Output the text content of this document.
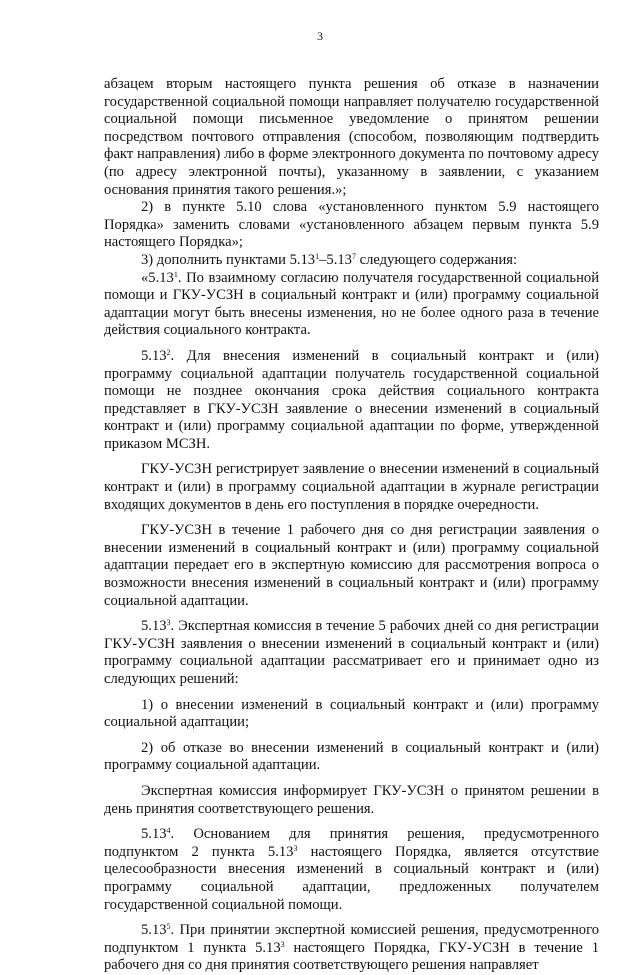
3

абзацем вторым настоящего пункта решения об отказе в назначении государственной социальной помощи направляет получателю государственной социальной помощи письменное уведомление о принятом решении посредством почтового отправления (способом, позволяющим подтвердить факт направления) либо в форме электронного документа по почтовому адресу (по адресу электронной почты), указанному в заявлении, с указанием основания принятия такого решения.»;

2) в пункте 5.10 слова «установленного пунктом 5.9 настоящего Порядка» заменить словами «установленного абзацем первым пункта 5.9 настоящего Порядка»;

3) дополнить пунктами 5.13$^1$–5.13$^7$ следующего содержания:

«5.13$^1$. По взаимному согласию получателя государственной социальной помощи и ГКУ-УСЗН в социальный контракт и (или) программу социальной адаптации могут быть внесены изменения, но не более одного раза в течение действия социального контракта.

5.13$^2$. Для внесения изменений в социальный контракт и (или) программу социальной адаптации получатель государственной социальной помощи не позднее окончания срока действия социального контракта представляет в ГКУ-УСЗН заявление о внесении изменений в социальный контракт и (или) программу социальной адаптации по форме, утвержденной приказом МСЗН.

ГКУ-УСЗН регистрирует заявление о внесении изменений в социальный контракт и (или) в программу социальной адаптации в журнале регистрации входящих документов в день его поступления в порядке очередности.

ГКУ-УСЗН в течение 1 рабочего дня со дня регистрации заявления о внесении изменений в социальный контракт и (или) программу социальной адаптации передает его в экспертную комиссию для рассмотрения вопроса о возможности внесения изменений в социальный контракт и (или) программу социальной адаптации.

5.13$^3$. Экспертная комиссия в течение 5 рабочих дней со дня регистрации ГКУ-УСЗН заявления о внесении изменений в социальный контракт и (или) программу социальной адаптации рассматривает его и принимает одно из следующих решений:

1) о внесении изменений в социальный контракт и (или) программу социальной адаптации;

2) об отказе во внесении изменений в социальный контракт и (или) программу социальной адаптации.

Экспертная комиссия информирует ГКУ-УСЗН о принятом решении в день принятия соответствующего решения.

5.13$^4$. Основанием для принятия решения, предусмотренного подпунктом 2 пункта 5.13$^3$ настоящего Порядка, является отсутствие целесообразности внесения изменений в социальный контракт и (или) программу социальной адаптации, предложенных получателем государственной социальной помощи.

5.13$^5$. При принятии экспертной комиссией решения, предусмотренного подпунктом 1 пункта 5.13$^3$ настоящего Порядка, ГКУ-УСЗН в течение 1 рабочего дня со дня принятия соответствующего решения направляет
